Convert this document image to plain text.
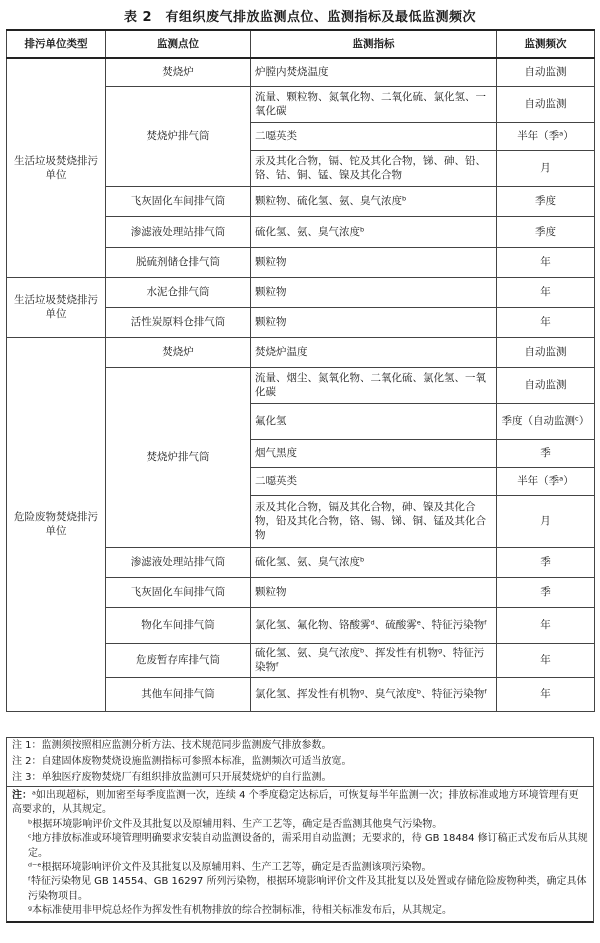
表 2　有组织废气排放监测点位、监测指标及最低监测频次
排污单位类型	监测点位	监测指标	监测频次
生活垃圾焚烧排污单位	焚烧炉	炉膛内焚烧温度	自动监测
	焚烧炉排气筒	流量、颗粒物、氮氧化物、二氧化硫、氯化氢、一氧化碳	自动监测
		二噁英类	半年（季ᵃ）
		汞及其化合物，镉、铊及其化合物，锑、砷、铅、铬、钴、铜、锰、镍及其化合物	月
	飞灰固化车间排气筒	颗粒物、硫化氢、氨、臭气浓度ᵇ	季度
	渗滤液处理站排气筒	硫化氢、氨、臭气浓度ᵇ	季度
	脱硫剂储仓排气筒	颗粒物	年
生活垃圾焚烧排污单位	水泥仓排气筒	颗粒物	年
	活性炭原料仓排气筒	颗粒物	年
危险废物焚烧排污单位	焚烧炉	焚烧炉温度	自动监测
	焚烧炉排气筒	流量、烟尘、氮氧化物、二氧化硫、氯化氢、一氧化碳	自动监测
		氟化氢	季度（自动监测ᶜ）
		烟气黑度	季
		二噁英类	半年（季ᵃ）
		汞及其化合物，镉及其化合物，砷、镍及其化合物，铅及其化合物，铬、锡、锑、铜、锰及其化合物	月
	渗滤液处理站排气筒	硫化氢、氨、臭气浓度ᵇ	季
	飞灰固化车间排气筒	颗粒物	季
	物化车间排气筒	氯化氢、氟化物、铬酸雾ᵈ、硫酸雾ᵉ、特征污染物ᶠ	年
	危废暂存库排气筒	硫化氢、氨、臭气浓度ᵇ、挥发性有机物ᵍ、特征污染物ᶠ	年
	其他车间排气筒	氯化氢、挥发性有机物ᵍ、臭气浓度ᵇ、特征污染物ᶠ	年
注 1：监测须按照相应监测分析方法、技术规范同步监测废气排放参数。
注 2：自建固体废物焚烧设施监测指标可参照本标准，监测频次可适当放宽。
注 3：单独医疗废物焚烧厂有组织排放监测可只开展焚烧炉的自行监测。
注：ᵃ如出现超标，则加密至每季度监测一次，连续 4 个季度稳定达标后，可恢复每半年监测一次；排放标准或地方环境管理有更高要求的，从其规定。
ᵇ根据环境影响评价文件及其批复以及原辅用料、生产工艺等，确定是否监测其他臭气污染物。
ᶜ地方排放标准或环境管理明确要求安装自动监测设备的，需采用自动监测；无要求的，待 GB 18484 修订稿正式发布后从其规定。
ᵈ⁻ᵉ根据环境影响评价文件及其批复以及原辅用料、生产工艺等，确定是否监测该项污染物。
ᶠ特征污染物见 GB 14554、GB 16297 所列污染物，根据环境影响评价文件及其批复以及处置或存储危险废物种类，确定具体污染物项目。
ᵍ本标准使用非甲烷总烃作为挥发性有机物排放的综合控制标准，待相关标准发布后，从其规定。
